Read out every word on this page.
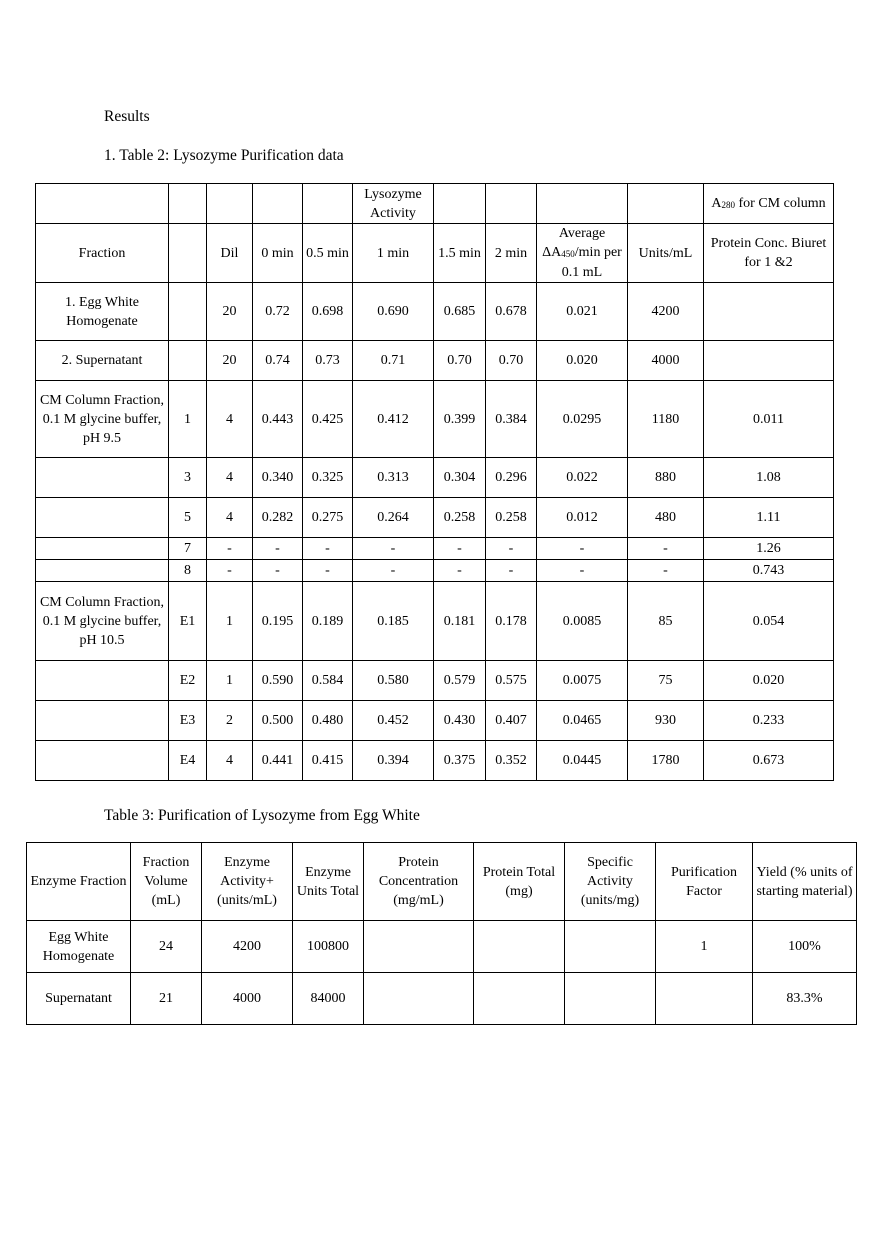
Results
1. Table 2: Lysozyme Purification data
					Lysozyme Activity					$A_{280}$ for CM column
Fraction		Dil	0 min	0.5 min	1 min	1.5 min	2 min	Average $\Delta A_{450}/\min$ per 0.1 mL	Units/mL	Protein Conc. Biuret for 1 &2
1. Egg White Homogenate		20	0.72	0.698	0.690	0.685	0.678	0.021	4200	
2. Supernatant		20	0.74	0.73	0.71	0.70	0.70	0.020	4000	
CM Column Fraction, 0.1 M glycine buffer, pH 9.5	1	4	0.443	0.425	0.412	0.399	0.384	0.0295	1180	0.011
	3	4	0.340	0.325	0.313	0.304	0.296	0.022	880	1.08
	5	4	0.282	0.275	0.264	0.258	0.258	0.012	480	1.11
	7	-	-	-	-	-	-	-	-	1.26
	8	-	-	-	-	-	-	-	-	0.743
CM Column Fraction, 0.1 M glycine buffer, pH 10.5	E1	1	0.195	0.189	0.185	0.181	0.178	0.0085	85	0.054
	E2	1	0.590	0.584	0.580	0.579	0.575	0.0075	75	0.020
	E3	2	0.500	0.480	0.452	0.430	0.407	0.0465	930	0.233
	E4	4	0.441	0.415	0.394	0.375	0.352	0.0445	1780	0.673
Table 3: Purification of Lysozyme from Egg White
Enzyme Fraction	Fraction Volume (mL)	Enzyme Activity+ (units/mL)	Enzyme Units Total	Protein Concentration (mg/mL)	Protein Total (mg)	Specific Activity (units/mg)	Purification Factor	Yield (% units of starting material)
Egg White Homogenate	24	4200	100800				1	100%
Supernatant	21	4000	84000					83.3%
